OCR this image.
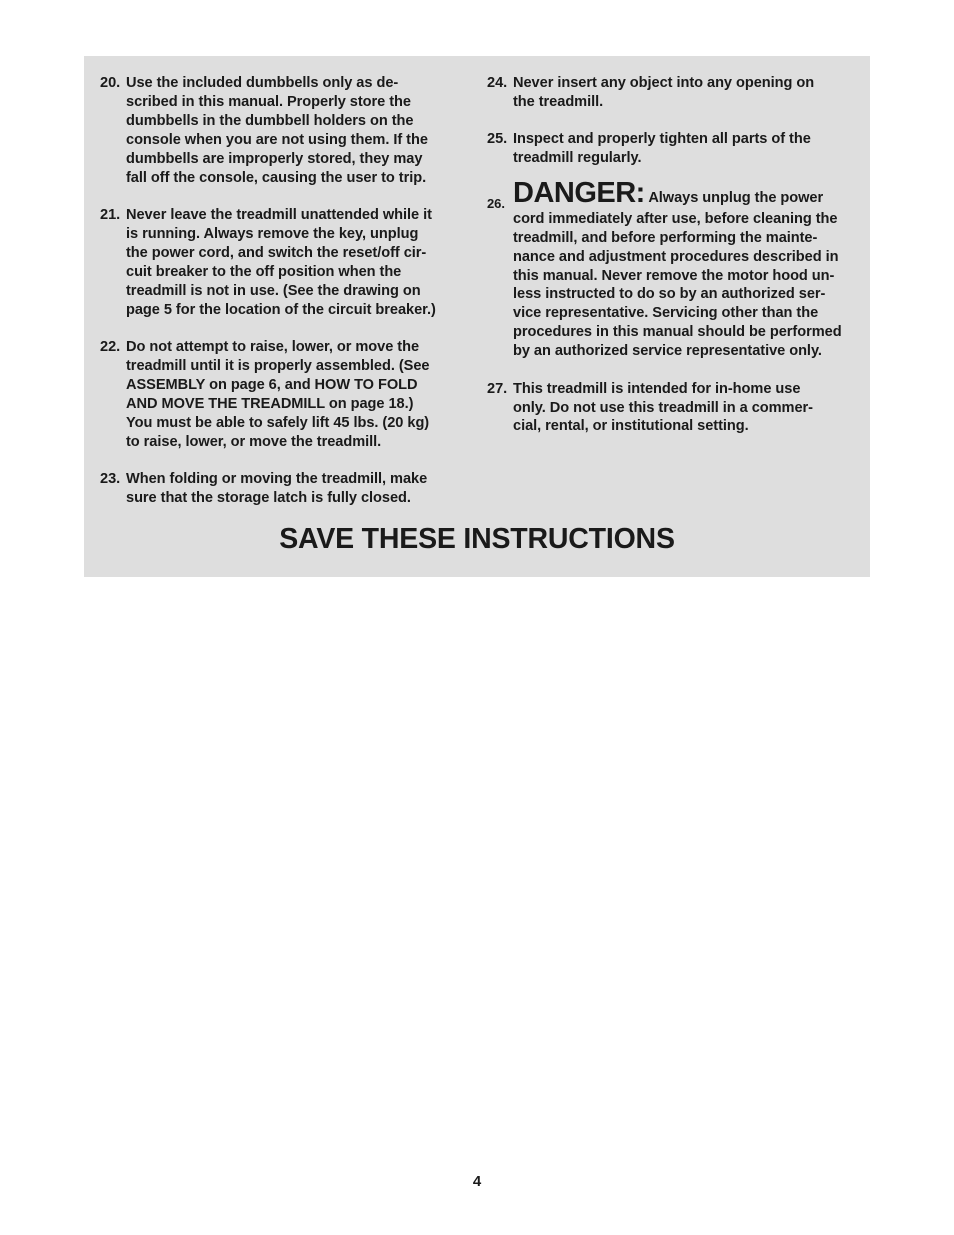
20. Use the included dumbbells only as de-
scribed in this manual. Properly store the
dumbbells in the dumbbell holders on the
console when you are not using them. If the
dumbbells are improperly stored, they may
fall off the console, causing the user to trip.
21. Never leave the treadmill unattended while it
is running. Always remove the key, unplug
the power cord, and switch the reset/off cir-
cuit breaker to the off position when the
treadmill is not in use. (See the drawing on
page 5 for the location of the circuit breaker.)
22. Do not attempt to raise, lower, or move the
treadmill until it is properly assembled. (See
ASSEMBLY on page 6, and HOW TO FOLD
AND MOVE THE TREADMILL on page 18.)
You must be able to safely lift 45 lbs. (20 kg)
to raise, lower, or move the treadmill.
23. When folding or moving the treadmill, make
sure that the storage latch is fully closed.
24. Never insert any object into any opening on
the treadmill.
25. Inspect and properly tighten all parts of the
treadmill regularly.
26. DANGER: Always unplug the power
cord immediately after use, before cleaning the
treadmill, and before performing the mainte-
nance and adjustment procedures described in
this manual. Never remove the motor hood un-
less instructed to do so by an authorized ser-
vice representative. Servicing other than the
procedures in this manual should be performed
by an authorized service representative only.
27. This treadmill is intended for in-home use
only. Do not use this treadmill in a commer-
cial, rental, or institutional setting.
SAVE THESE INSTRUCTIONS
4
